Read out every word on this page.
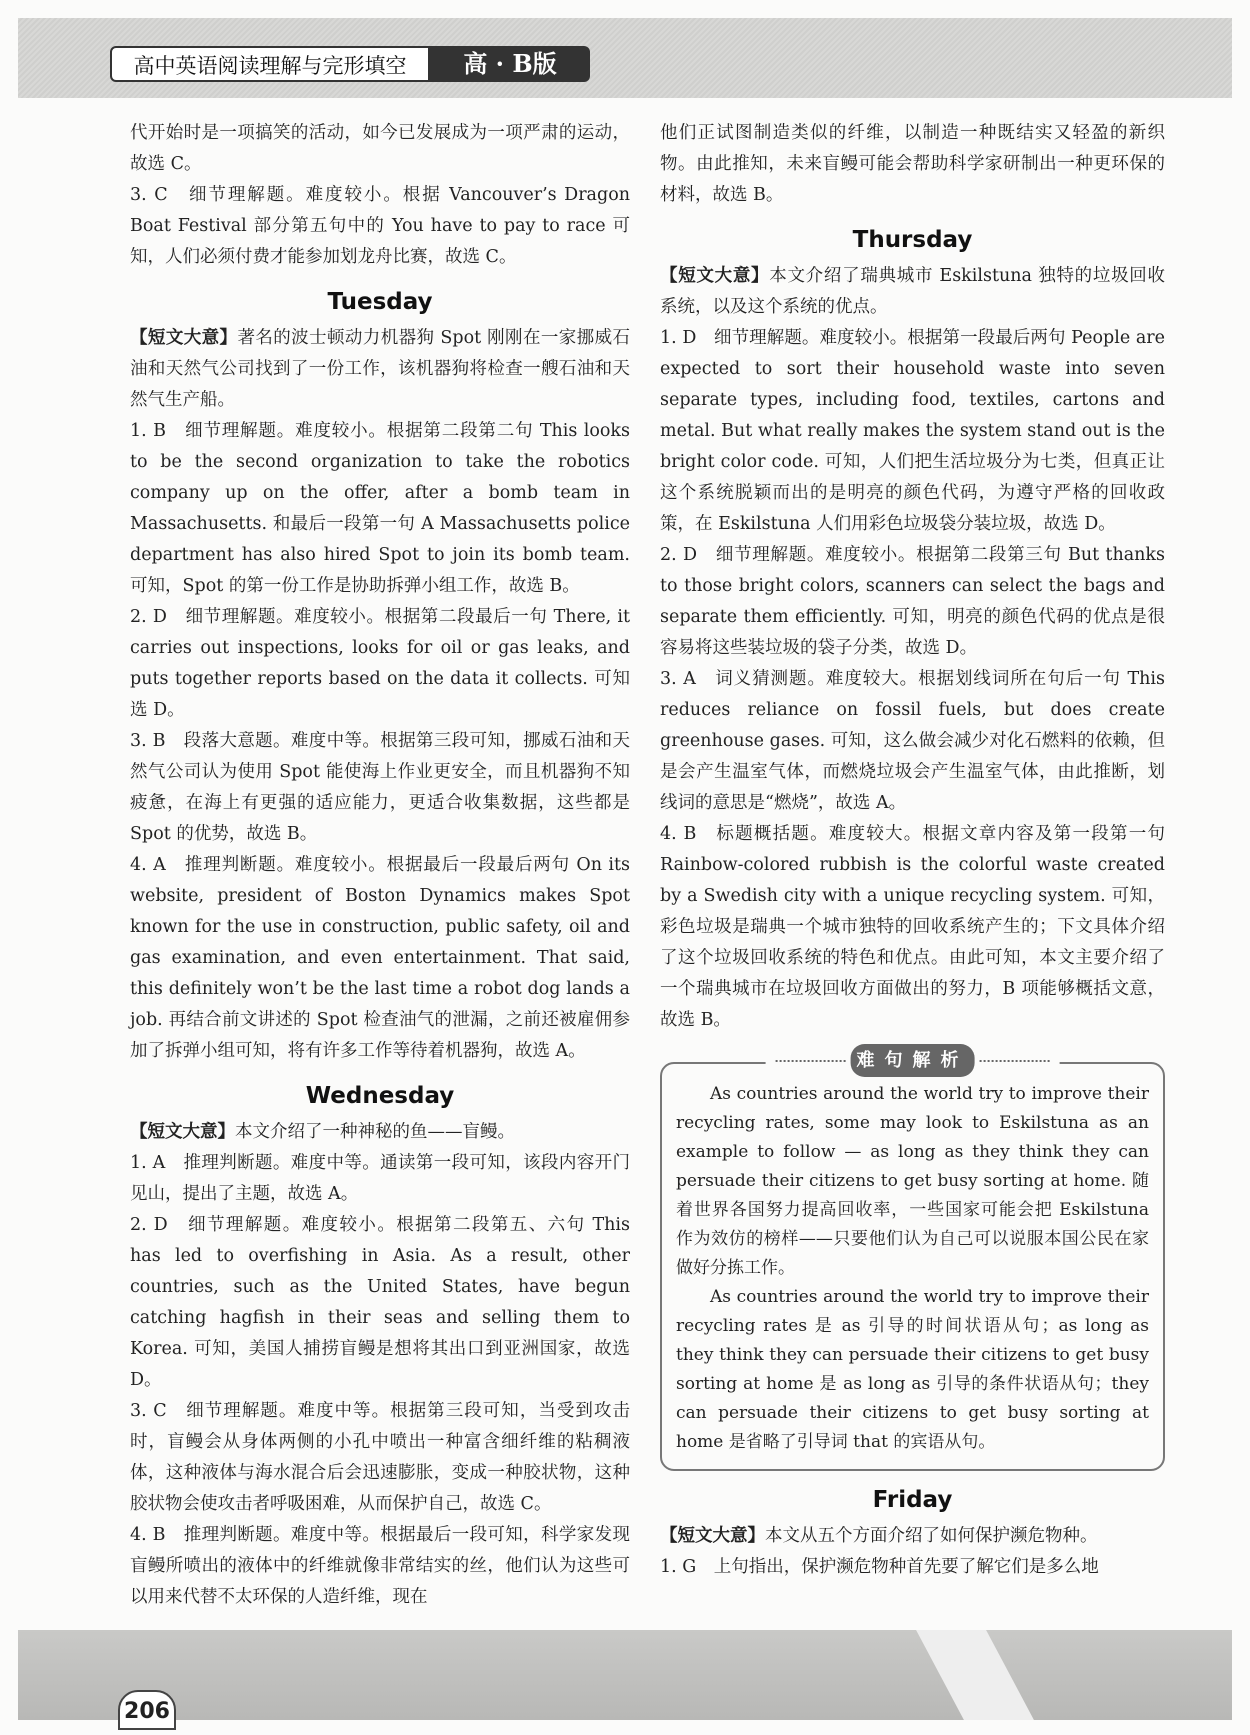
高中英语阅读理解与完形填空	高 · B版

代开始时是一项搞笑的活动，如今已发展成为一项严肃的运动，故选 C。

3. C　细节理解题。难度较小。根据 Vancouver’s Dragon Boat Festival 部分第五句中的 You have to pay to race 可知，人们必须付费才能参加划龙舟比赛，故选 C。

Tuesday

【短文大意】著名的波士顿动力机器狗 Spot 刚刚在一家挪威石油和天然气公司找到了一份工作，该机器狗将检查一艘石油和天然气生产船。

1. B　细节理解题。难度较小。根据第二段第二句 This looks to be the second organization to take the robotics company up on the offer, after a bomb team in Massachusetts. 和最后一段第一句 A Massachusetts police department has also hired Spot to join its bomb team. 可知，Spot 的第一份工作是协助拆弹小组工作，故选 B。

2. D　细节理解题。难度较小。根据第二段最后一句 There, it carries out inspections, looks for oil or gas leaks, and puts together reports based on the data it collects. 可知选 D。

3. B　段落大意题。难度中等。根据第三段可知，挪威石油和天然气公司认为使用 Spot 能使海上作业更安全，而且机器狗不知疲惫，在海上有更强的适应能力，更适合收集数据，这些都是 Spot 的优势，故选 B。

4. A　推理判断题。难度较小。根据最后一段最后两句 On its website, president of Boston Dynamics makes Spot known for the use in construction, public safety, oil and gas examination, and even entertainment. That said, this definitely won’t be the last time a robot dog lands a job. 再结合前文讲述的 Spot 检查油气的泄漏，之前还被雇佣参加了拆弹小组可知，将有许多工作等待着机器狗，故选 A。

Wednesday

【短文大意】本文介绍了一种神秘的鱼——盲鳗。

1. A　推理判断题。难度中等。通读第一段可知，该段内容开门见山，提出了主题，故选 A。

2. D　细节理解题。难度较小。根据第二段第五、六句 This has led to overfishing in Asia. As a result, other countries, such as the United States, have begun catching hagfish in their seas and selling them to Korea. 可知，美国人捕捞盲鳗是想将其出口到亚洲国家，故选 D。

3. C　细节理解题。难度中等。根据第三段可知，当受到攻击时，盲鳗会从身体两侧的小孔中喷出一种富含细纤维的粘稠液体，这种液体与海水混合后会迅速膨胀，变成一种胶状物，这种胶状物会使攻击者呼吸困难，从而保护自己，故选 C。

4. B　推理判断题。难度中等。根据最后一段可知，科学家发现盲鳗所喷出的液体中的纤维就像非常结实的丝，他们认为这些可以用来代替不太环保的人造纤维，现在

他们正试图制造类似的纤维，以制造一种既结实又轻盈的新织物。由此推知，未来盲鳗可能会帮助科学家研制出一种更环保的材料，故选 B。

Thursday

【短文大意】本文介绍了瑞典城市 Eskilstuna 独特的垃圾回收系统，以及这个系统的优点。

1. D　细节理解题。难度较小。根据第一段最后两句 People are expected to sort their household waste into seven separate types, including food, textiles, cartons and metal. But what really makes the system stand out is the bright color code. 可知，人们把生活垃圾分为七类，但真正让这个系统脱颖而出的是明亮的颜色代码，为遵守严格的回收政策，在 Eskilstuna 人们用彩色垃圾袋分装垃圾，故选 D。

2. D　细节理解题。难度较小。根据第二段第三句 But thanks to those bright colors, scanners can select the bags and separate them efficiently. 可知，明亮的颜色代码的优点是很容易将这些装垃圾的袋子分类，故选 D。

3. A　词义猜测题。难度较大。根据划线词所在句后一句 This reduces reliance on fossil fuels, but does create greenhouse gases. 可知，这么做会减少对化石燃料的依赖，但是会产生温室气体，而燃烧垃圾会产生温室气体，由此推断，划线词的意思是“燃烧”，故选 A。

4. B　标题概括题。难度较大。根据文章内容及第一段第一句 Rainbow-colored rubbish is the colorful waste created by a Swedish city with a unique recycling system. 可知，彩色垃圾是瑞典一个城市独特的回收系统产生的；下文具体介绍了这个垃圾回收系统的特色和优点。由此可知，本文主要介绍了一个瑞典城市在垃圾回收方面做出的努力，B 项能够概括文意，故选 B。

难句解析

As countries around the world try to improve their recycling rates, some may look to Eskilstuna as an example to follow — as long as they think they can persuade their citizens to get busy sorting at home. 随着世界各国努力提高回收率，一些国家可能会把 Eskilstuna 作为效仿的榜样——只要他们认为自己可以说服本国公民在家做好分拣工作。

As countries around the world try to improve their recycling rates 是 as 引导的时间状语从句；as long as they think they can persuade their citizens to get busy sorting at home 是 as long as 引导的条件状语从句；they can persuade their citizens to get busy sorting at home 是省略了引导词 that 的宾语从句。

Friday

【短文大意】本文从五个方面介绍了如何保护濒危物种。

1. G　上句指出，保护濒危物种首先要了解它们是多么地

206
